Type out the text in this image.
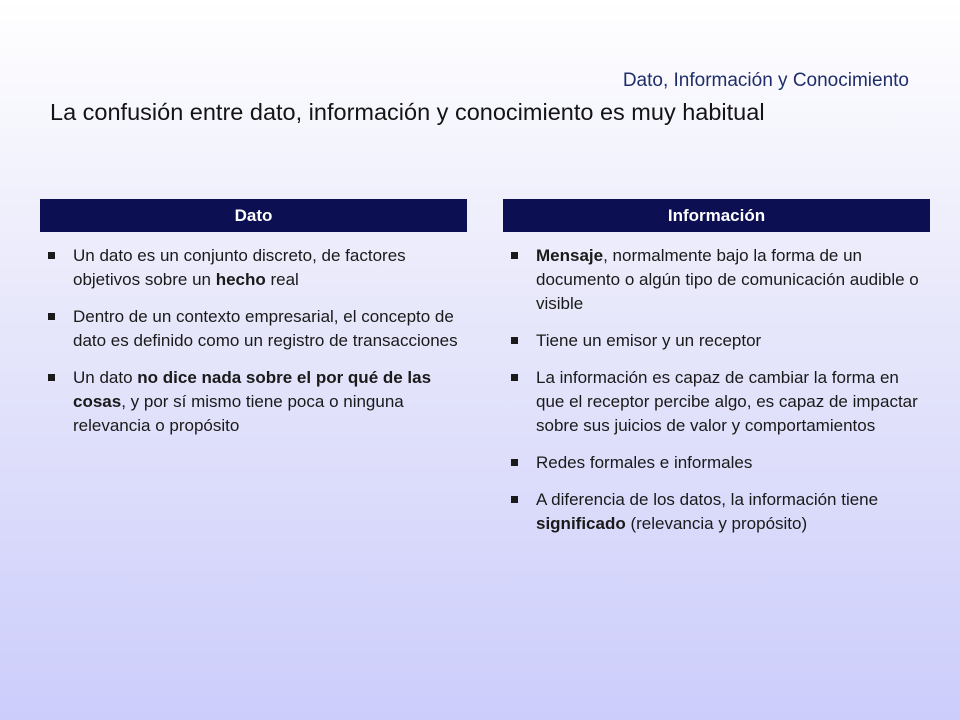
Dato, Información y Conocimiento
La confusión entre dato, información y conocimiento es muy habitual
Dato
Un dato es un conjunto discreto, de factores objetivos sobre un hecho real
Dentro de un contexto empresarial, el concepto de dato es definido como un registro de transacciones
Un dato no dice nada sobre el por qué de las cosas, y por sí mismo tiene poca o ninguna relevancia o propósito
Información
Mensaje, normalmente bajo la forma de un documento o algún tipo de comunicación audible o visible
Tiene un emisor y un receptor
La información es capaz de cambiar la forma en que el receptor percibe algo, es capaz de impactar sobre sus juicios de valor y comportamientos
Redes formales e informales
A diferencia de los datos, la información tiene significado (relevancia y propósito)
